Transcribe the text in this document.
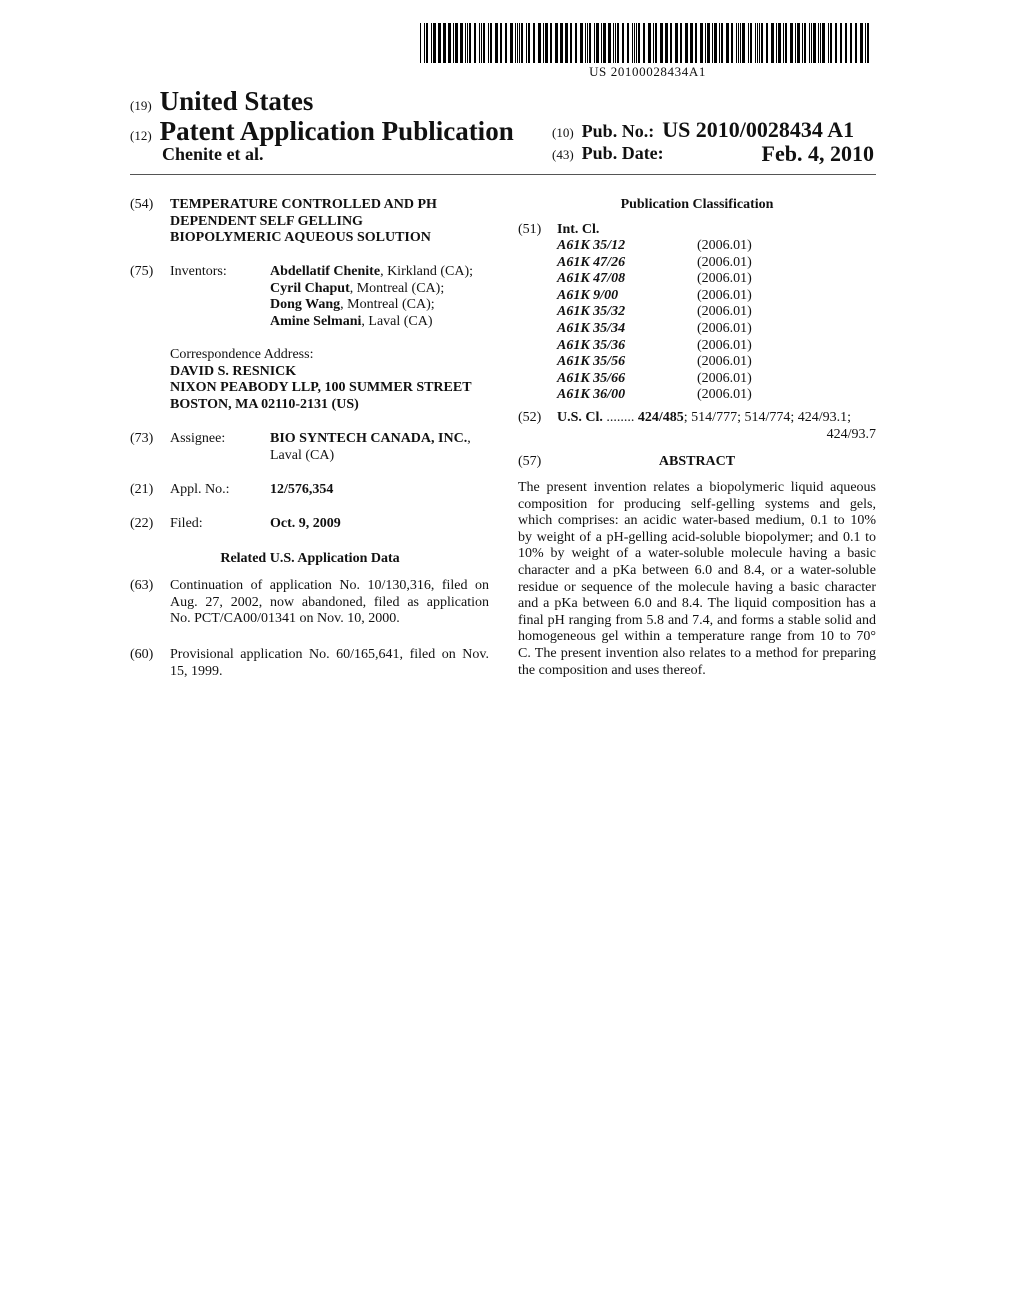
US 20100028434A1
(19) United States
(12) Patent Application Publication
Chenite et al.
(10) Pub. No.: US 2010/0028434 A1
(43) Pub. Date:	Feb. 4, 2010
(54) TEMPERATURE CONTROLLED AND PH
DEPENDENT SELF GELLING
BIOPOLYMERIC AQUEOUS SOLUTION
(75) Inventors:	Abdellatif Chenite, Kirkland (CA);
Cyril Chaput, Montreal (CA);
Dong Wang, Montreal (CA);
Amine Selmani, Laval (CA)
Correspondence Address:
DAVID S. RESNICK
NIXON PEABODY LLP, 100 SUMMER STREET
BOSTON, MA 02110-2131 (US)
(73) Assignee:	BIO SYNTECH CANADA, INC.,
Laval (CA)
(21) Appl. No.:	12/576,354
(22) Filed:	Oct. 9, 2009
Related U.S. Application Data
(63) Continuation of application No. 10/130,316, filed on
Aug. 27, 2002, now abandoned, filed as application
No. PCT/CA00/01341 on Nov. 10, 2000.
(60) Provisional application No. 60/165,641, filed on Nov.
15, 1999.
Publication Classification
(51) Int. Cl.
A61K 35/12	(2006.01)
A61K 47/26	(2006.01)
A61K 47/08	(2006.01)
A61K 9/00	(2006.01)
A61K 35/32	(2006.01)
A61K 35/34	(2006.01)
A61K 35/36	(2006.01)
A61K 35/56	(2006.01)
A61K 35/66	(2006.01)
A61K 36/00	(2006.01)
(52) U.S. Cl. ........ 424/485; 514/777; 514/774; 424/93.1;
424/93.7
(57)	ABSTRACT
The present invention relates a biopolymeric liquid aqueous
composition for producing self-gelling systems and gels,
which comprises: an acidic water-based medium, 0.1 to 10%
by weight of a pH-gelling acid-soluble biopolymer; and 0.1 to
10% by weight of a water-soluble molecule having a basic
character and a pKa between 6.0 and 8.4, or a water-soluble
residue or sequence of the molecule having a basic character
and a pKa between 6.0 and 8.4. The liquid composition has a
final pH ranging from 5.8 and 7.4, and forms a stable solid and
homogeneous gel within a temperature range from 10 to 70°
C. The present invention also relates to a method for preparing
the composition and uses thereof.
